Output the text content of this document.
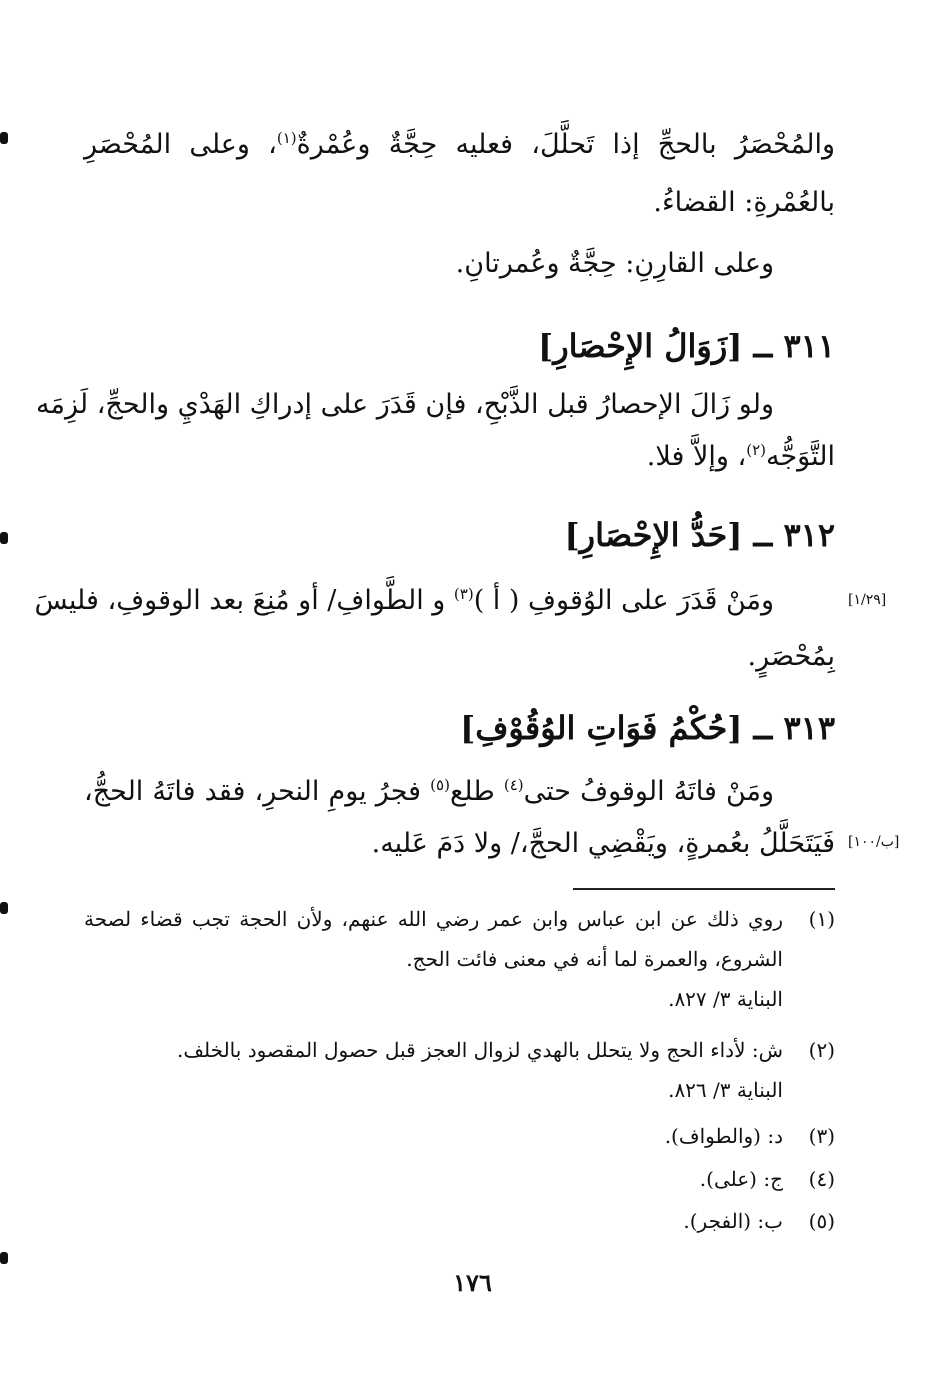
والمُحْصَرُ بالحجِّ إذا تَحلَّلَ، فعليه حِجَّةٌ وعُمْرةٌ$^{(١)}$، وعلى المُحْصَرِ
بالعُمْرةِ: القضاءُ.
وعلى القارِنِ: حِجَّةٌ وعُمرتانِ.
٣١١ ــ [زَوَالُ الإِحْصَارِ]
ولو زَالَ الإحصارُ قبل الذَّبْحِ، فإن قَدَرَ على إدراكِ الهَدْيِ والحجِّ، لَزِمَه
التَّوَجُّه$^{(٢)}$، وإلاَّ فلا.
٣١٢ ــ [حَدُّ الإِحْصَارِ]
[١/٢٩]
ومَنْ قَدَرَ على الوُقوفِ ( أ )$^{(٣)}$ و الطَّوافِ/ أو مُنِعَ بعد الوقوفِ، فليسَ
بِمُحْصَرٍ.
٣١٣ ــ [حُكْمُ فَوَاتِ الوُقُوْفِ]
ومَنْ فاتَهُ الوقوفُ حتى$^{(٤)}$ طلع$^{(٥)}$ فجرُ يومِ النحرِ، فقد فاتَهُ الحجُّ،
[ب/١٠٠]
فَيَتَحَلَّلُ بعُمرةٍ، ويَقْضِي الحجَّ،/ ولا دَمَ عَليه.
(١)
روي ذلك عن ابن عباس وابن عمر رضي الله عنهم، ولأن الحجة تجب قضاء لصحة
الشروع، والعمرة لما أنه في معنى فائت الحج.
البناية ٣/ ٨٢٧.
(٢)
ش: لأداء الحج ولا يتحلل بالهدي لزوال العجز قبل حصول المقصود بالخلف.
البناية ٣/ ٨٢٦.
(٣)
د: (والطواف).
(٤)
ج: (على).
(٥)
ب: (الفجر).
١٧٦
